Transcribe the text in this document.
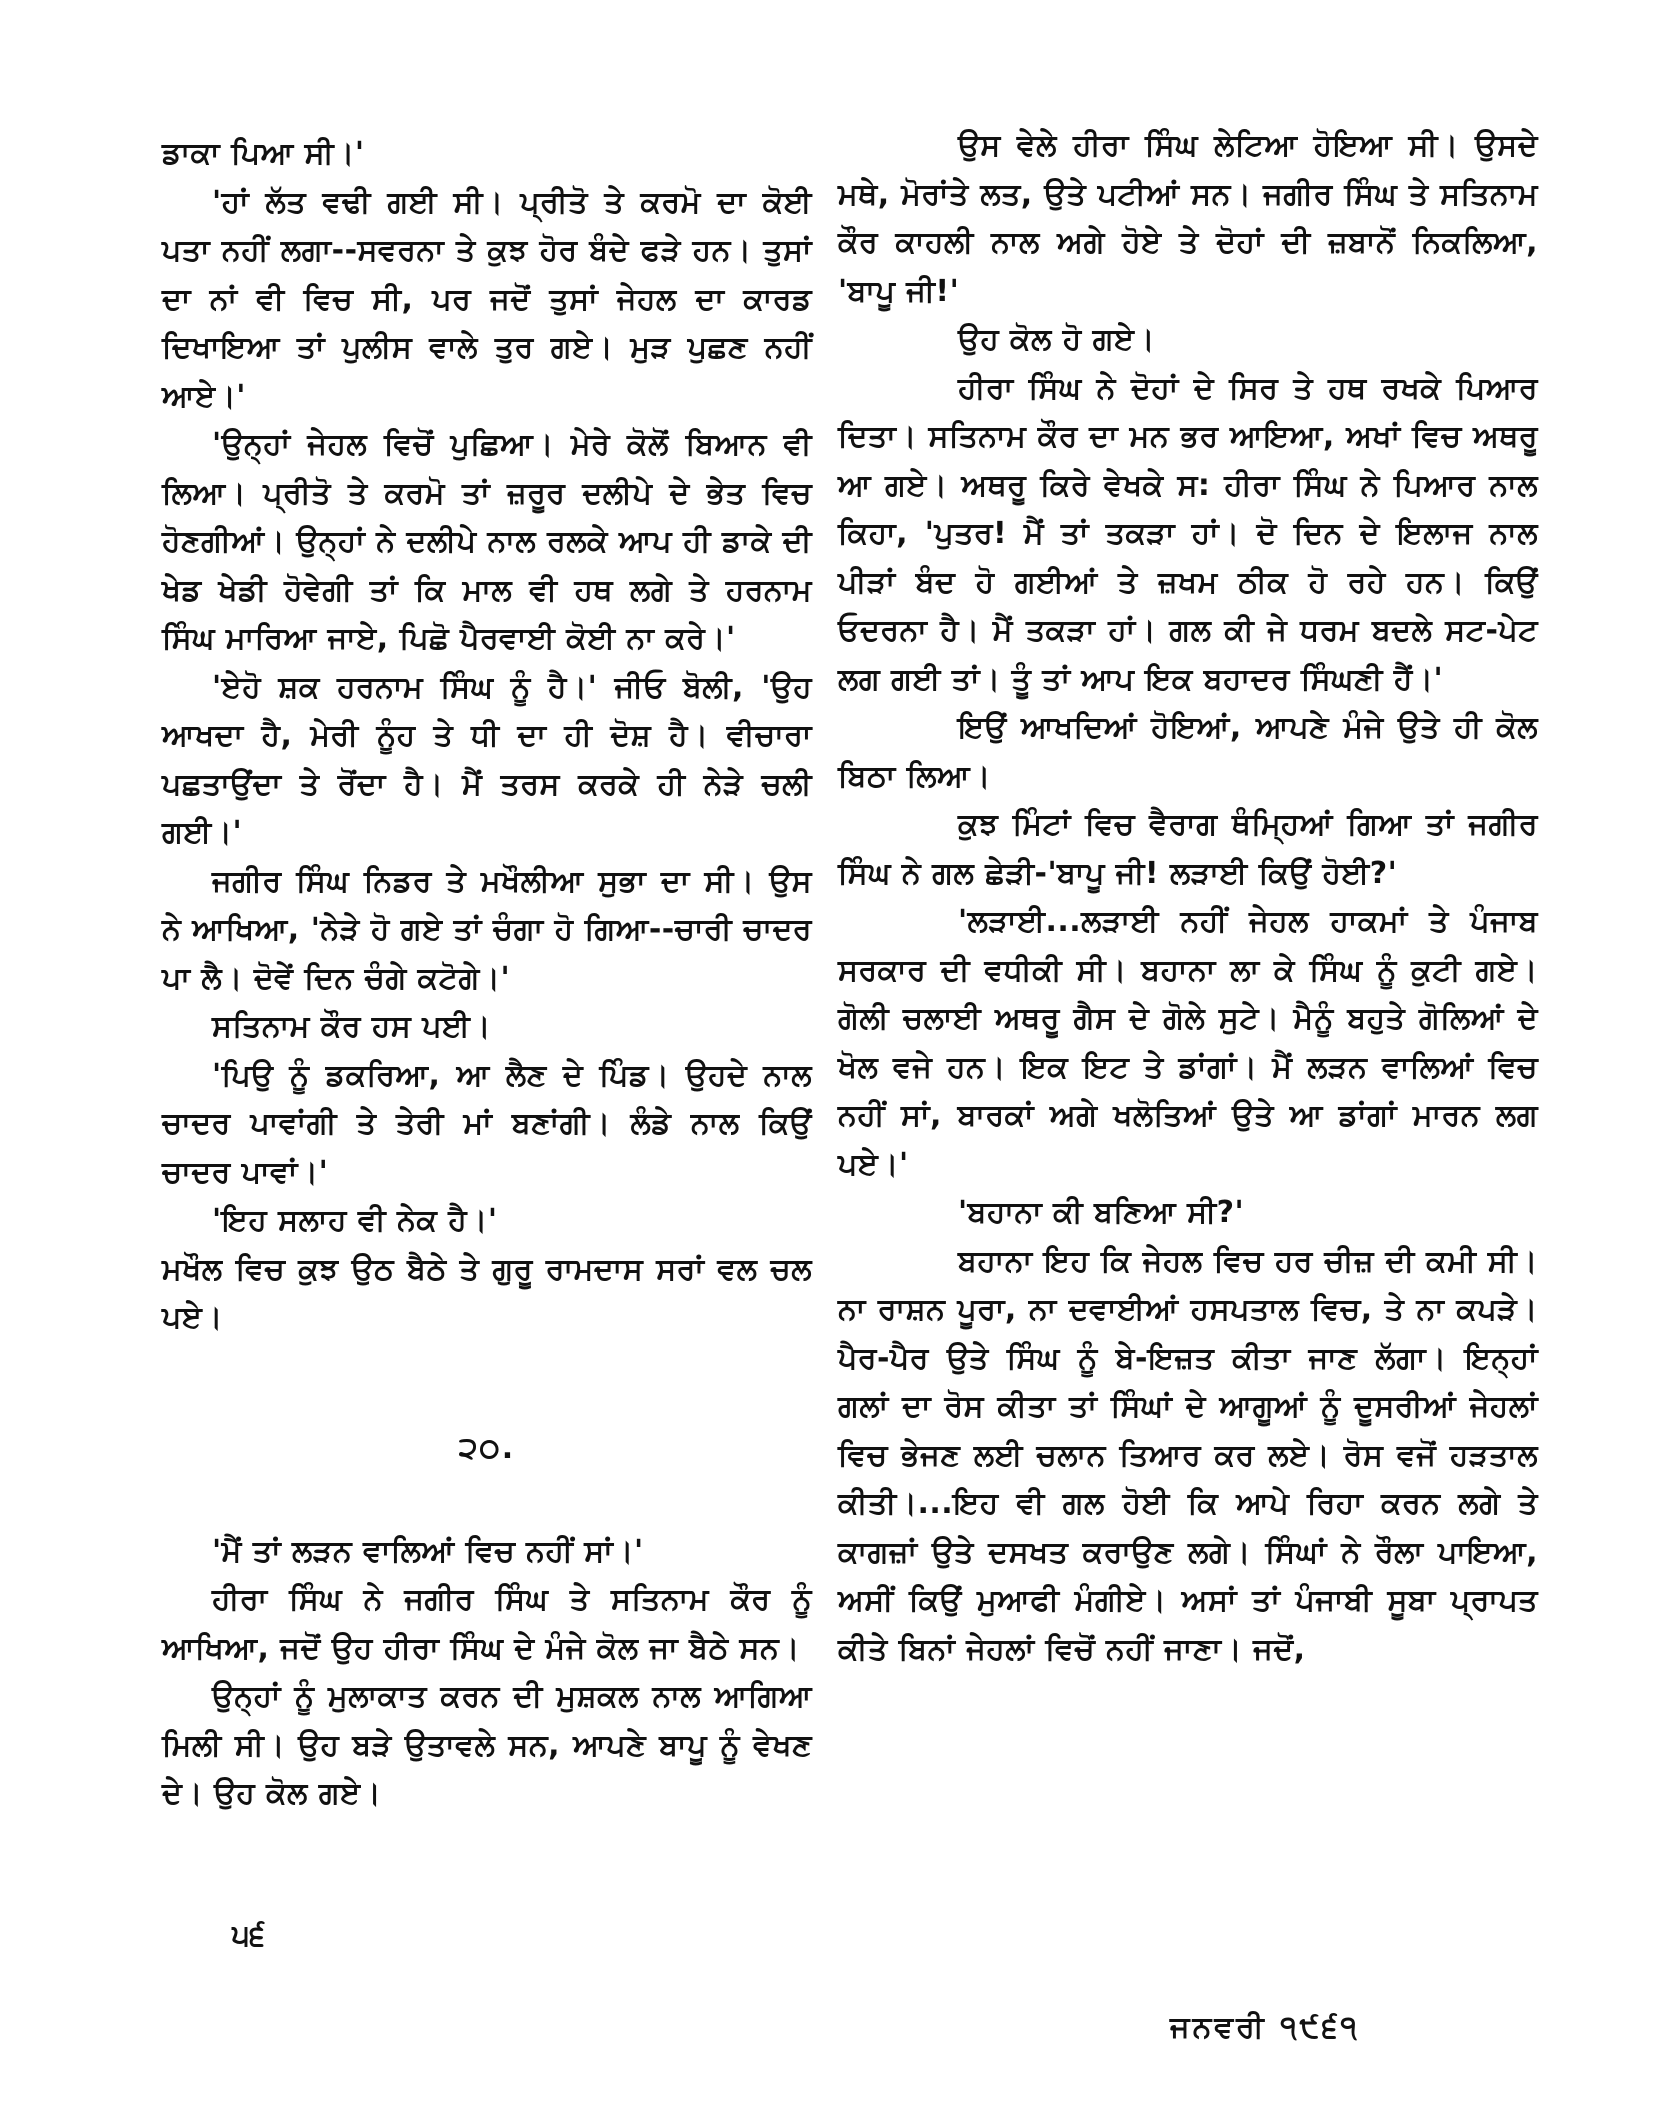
ਡਾਕਾ ਪਿਆ ਸੀ।'

'ਹਾਂ ਲੱਤ ਵਢੀ ਗਈ ਸੀ। ਪ੍ਰੀਤੋ ਤੇ ਕਰਮੋ ਦਾ ਕੋਈ ਪਤਾ ਨਹੀਂ ਲਗਾ--ਸਵਰਨਾ ਤੇ ਕੁਝ ਹੋਰ ਬੰਦੇ ਫੜੇ ਹਨ। ਤੁਸਾਂ ਦਾ ਨਾਂ ਵੀ ਵਿਚ ਸੀ, ਪਰ ਜਦੋਂ ਤੁਸਾਂ ਜੇਹਲ ਦਾ ਕਾਰਡ ਦਿਖਾਇਆ ਤਾਂ ਪੁਲੀਸ ਵਾਲੇ ਤੁਰ ਗਏ। ਮੁੜ ਪੁਛਣ ਨਹੀਂ ਆਏ।'

'ਉਨ੍ਹਾਂ ਜੇਹਲ ਵਿਚੋਂ ਪੁਛਿਆ। ਮੇਰੇ ਕੋਲੋਂ ਬਿਆਨ ਵੀ ਲਿਆ। ਪ੍ਰੀਤੋ ਤੇ ਕਰਮੋ ਤਾਂ ਜ਼ਰੂਰ ਦਲੀਪੇ ਦੇ ਭੇਤ ਵਿਚ ਹੋਣਗੀਆਂ। ਉਨ੍ਹਾਂ ਨੇ ਦਲੀਪੇ ਨਾਲ ਰਲਕੇ ਆਪ ਹੀ ਡਾਕੇ ਦੀ ਖੇਡ ਖੇਡੀ ਹੋਵੇਗੀ ਤਾਂ ਕਿ ਮਾਲ ਵੀ ਹਥ ਲਗੇ ਤੇ ਹਰਨਾਮ ਸਿੰਘ ਮਾਰਿਆ ਜਾਏ, ਪਿਛੋ ਪੈਰਵਾਈ ਕੋਈ ਨਾ ਕਰੇ।'

'ਏਹੋ ਸ਼ਕ ਹਰਨਾਮ ਸਿੰਘ ਨੂੰ ਹੈ।' ਜੀਓ ਬੋਲੀ, 'ਉਹ ਆਖਦਾ ਹੈ, ਮੇਰੀ ਨੂੰਹ ਤੇ ਧੀ ਦਾ ਹੀ ਦੋਸ਼ ਹੈ। ਵੀਚਾਰਾ ਪਛਤਾਉਂਦਾ ਤੇ ਰੋਂਦਾ ਹੈ। ਮੈਂ ਤਰਸ ਕਰਕੇ ਹੀ ਨੇੜੇ ਚਲੀ ਗਈ।'

ਜਗੀਰ ਸਿੰਘ ਨਿਡਰ ਤੇ ਮਖੌਲੀਆ ਸੁਭਾ ਦਾ ਸੀ। ਉਸ ਨੇ ਆਖਿਆ, 'ਨੇੜੇ ਹੋ ਗਏ ਤਾਂ ਚੰਗਾ ਹੋ ਗਿਆ--ਚਾਰੀ ਚਾਦਰ ਪਾ ਲੈ। ਦੋਵੇਂ ਦਿਨ ਚੰਗੇ ਕਟੋਗੇ।'

ਸਤਿਨਾਮ ਕੌਰ ਹਸ ਪਈ।

'ਪਿਉ ਨੂੰ ਡਕਰਿਆ, ਆ ਲੈਣ ਦੇ ਪਿੰਡ। ਉਹਦੇ ਨਾਲ ਚਾਦਰ ਪਾਵਾਂਗੀ ਤੇ ਤੇਰੀ ਮਾਂ ਬਣਾਂਗੀ। ਲੰਡੇ ਨਾਲ ਕਿਉਂ ਚਾਦਰ ਪਾਵਾਂ।'

'ਇਹ ਸਲਾਹ ਵੀ ਨੇਕ ਹੈ।'

ਮਖੌਲ ਵਿਚ ਕੁਝ ਉਠ ਬੈਠੇ ਤੇ ਗੁਰੂ ਰਾਮਦਾਸ ਸਰਾਂ ਵਲ ਚਲ ਪਏ।

੨੦.

'ਮੈਂ ਤਾਂ ਲੜਨ ਵਾਲਿਆਂ ਵਿਚ ਨਹੀਂ ਸਾਂ।'

ਹੀਰਾ ਸਿੰਘ ਨੇ ਜਗੀਰ ਸਿੰਘ ਤੇ ਸਤਿਨਾਮ ਕੌਰ ਨੂੰ ਆਖਿਆ, ਜਦੋਂ ਉਹ ਹੀਰਾ ਸਿੰਘ ਦੇ ਮੰਜੇ ਕੋਲ ਜਾ ਬੈਠੇ ਸਨ।

ਉਨ੍ਹਾਂ ਨੂੰ ਮੁਲਾਕਾਤ ਕਰਨ ਦੀ ਮੁਸ਼ਕਲ ਨਾਲ ਆਗਿਆ ਮਿਲੀ ਸੀ। ਉਹ ਬੜੇ ਉਤਾਵਲੇ ਸਨ, ਆਪਣੇ ਬਾਪੂ ਨੂੰ ਵੇਖਣ ਦੇ। ਉਹ ਕੋਲ ਗਏ।

ਉਸ ਵੇਲੇ ਹੀਰਾ ਸਿੰਘ ਲੇਟਿਆ ਹੋਇਆ ਸੀ। ਉਸਦੇ ਮਥੇ, ਮੋਰਾਂਤੇ ਲਤ, ਉਤੇ ਪਟੀਆਂ ਸਨ। ਜਗੀਰ ਸਿੰਘ ਤੇ ਸਤਿਨਾਮ ਕੌਰ ਕਾਹਲੀ ਨਾਲ ਅਗੇ ਹੋਏ ਤੇ ਦੋਹਾਂ ਦੀ ਜ਼ਬਾਨੋਂ ਨਿਕਲਿਆ, 'ਬਾਪੂ ਜੀ!'

ਉਹ ਕੋਲ ਹੋ ਗਏ।

ਹੀਰਾ ਸਿੰਘ ਨੇ ਦੋਹਾਂ ਦੇ ਸਿਰ ਤੇ ਹਥ ਰਖਕੇ ਪਿਆਰ ਦਿਤਾ। ਸਤਿਨਾਮ ਕੌਰ ਦਾ ਮਨ ਭਰ ਆਇਆ, ਅਖਾਂ ਵਿਚ ਅਥਰੂ ਆ ਗਏ। ਅਥਰੂ ਕਿਰੇ ਵੇਖਕੇ ਸ: ਹੀਰਾ ਸਿੰਘ ਨੇ ਪਿਆਰ ਨਾਲ ਕਿਹਾ, 'ਪੁਤਰ! ਮੈਂ ਤਾਂ ਤਕੜਾ ਹਾਂ। ਦੋ ਦਿਨ ਦੇ ਇਲਾਜ ਨਾਲ ਪੀੜਾਂ ਬੰਦ ਹੋ ਗਈਆਂ ਤੇ ਜ਼ਖਮ ਠੀਕ ਹੋ ਰਹੇ ਹਨ। ਕਿਉਂ ਓਦਰਨਾ ਹੈ। ਮੈਂ ਤਕੜਾ ਹਾਂ। ਗਲ ਕੀ ਜੇ ਧਰਮ ਬਦਲੇ ਸਟ-ਪੇਟ ਲਗ ਗਈ ਤਾਂ। ਤੂੰ ਤਾਂ ਆਪ ਇਕ ਬਹਾਦਰ ਸਿੰਘਣੀ ਹੈਂ।'

ਇਉਂ ਆਖਦਿਆਂ ਹੋਇਆਂ, ਆਪਣੇ ਮੰਜੇ ਉਤੇ ਹੀ ਕੋਲ ਬਿਠਾ ਲਿਆ।

ਕੁਝ ਮਿੰਟਾਂ ਵਿਚ ਵੈਰਾਗ ਥੰਮ੍ਹਿਆਂ ਗਿਆ ਤਾਂ ਜਗੀਰ ਸਿੰਘ ਨੇ ਗਲ ਛੇੜੀ-'ਬਾਪੂ ਜੀ! ਲੜਾਈ ਕਿਉਂ ਹੋਈ?'

'ਲੜਾਈ...ਲੜਾਈ ਨਹੀਂ ਜੇਹਲ ਹਾਕਮਾਂ ਤੇ ਪੰਜਾਬ ਸਰਕਾਰ ਦੀ ਵਧੀਕੀ ਸੀ। ਬਹਾਨਾ ਲਾ ਕੇ ਸਿੰਘ ਨੂੰ ਕੁਟੀ ਗਏ। ਗੋਲੀ ਚਲਾਈ ਅਥਰੂ ਗੈਸ ਦੇ ਗੋਲੇ ਸੁਟੇ। ਮੈਨੂੰ ਬਹੁਤੇ ਗੋਲਿਆਂ ਦੇ ਖੋਲ ਵਜੇ ਹਨ। ਇਕ ਇਟ ਤੇ ਡਾਂਗਾਂ। ਮੈਂ ਲੜਨ ਵਾਲਿਆਂ ਵਿਚ ਨਹੀਂ ਸਾਂ, ਬਾਰਕਾਂ ਅਗੇ ਖਲੋਤਿਆਂ ਉਤੇ ਆ ਡਾਂਗਾਂ ਮਾਰਨ ਲਗ ਪਏ।'

'ਬਹਾਨਾ ਕੀ ਬਣਿਆ ਸੀ?'

ਬਹਾਨਾ ਇਹ ਕਿ ਜੇਹਲ ਵਿਚ ਹਰ ਚੀਜ਼ ਦੀ ਕਮੀ ਸੀ। ਨਾ ਰਾਸ਼ਨ ਪੂਰਾ, ਨਾ ਦਵਾਈਆਂ ਹਸਪਤਾਲ ਵਿਚ, ਤੇ ਨਾ ਕਪੜੇ। ਪੈਰ-ਪੈਰ ਉਤੇ ਸਿੰਘ ਨੂੰ ਬੇ-ਇਜ਼ਤ ਕੀਤਾ ਜਾਣ ਲੱਗਾ। ਇਨ੍ਹਾਂ ਗਲਾਂ ਦਾ ਰੋਸ ਕੀਤਾ ਤਾਂ ਸਿੰਘਾਂ ਦੇ ਆਗੂਆਂ ਨੂੰ ਦੂਸਰੀਆਂ ਜੇਹਲਾਂ ਵਿਚ ਭੇਜਣ ਲਈ ਚਲਾਨ ਤਿਆਰ ਕਰ ਲਏ। ਰੋਸ ਵਜੋਂ ਹੜਤਾਲ ਕੀਤੀ।...ਇਹ ਵੀ ਗਲ ਹੋਈ ਕਿ ਆਪੇ ਰਿਹਾ ਕਰਨ ਲਗੇ ਤੇ ਕਾਗਜ਼ਾਂ ਉਤੇ ਦਸਖਤ ਕਰਾਉਣ ਲਗੇ। ਸਿੰਘਾਂ ਨੇ ਰੌਲਾ ਪਾਇਆ, ਅਸੀਂ ਕਿਉਂ ਮੁਆਫੀ ਮੰਗੀਏ। ਅਸਾਂ ਤਾਂ ਪੰਜਾਬੀ ਸੂਬਾ ਪ੍ਰਾਪਤ ਕੀਤੇ ਬਿਨਾਂ ਜੇਹਲਾਂ ਵਿਚੋਂ ਨਹੀਂ ਜਾਣਾ। ਜਦੋਂ,

੫੬
ਜਨਵਰੀ ੧੯੬੧
